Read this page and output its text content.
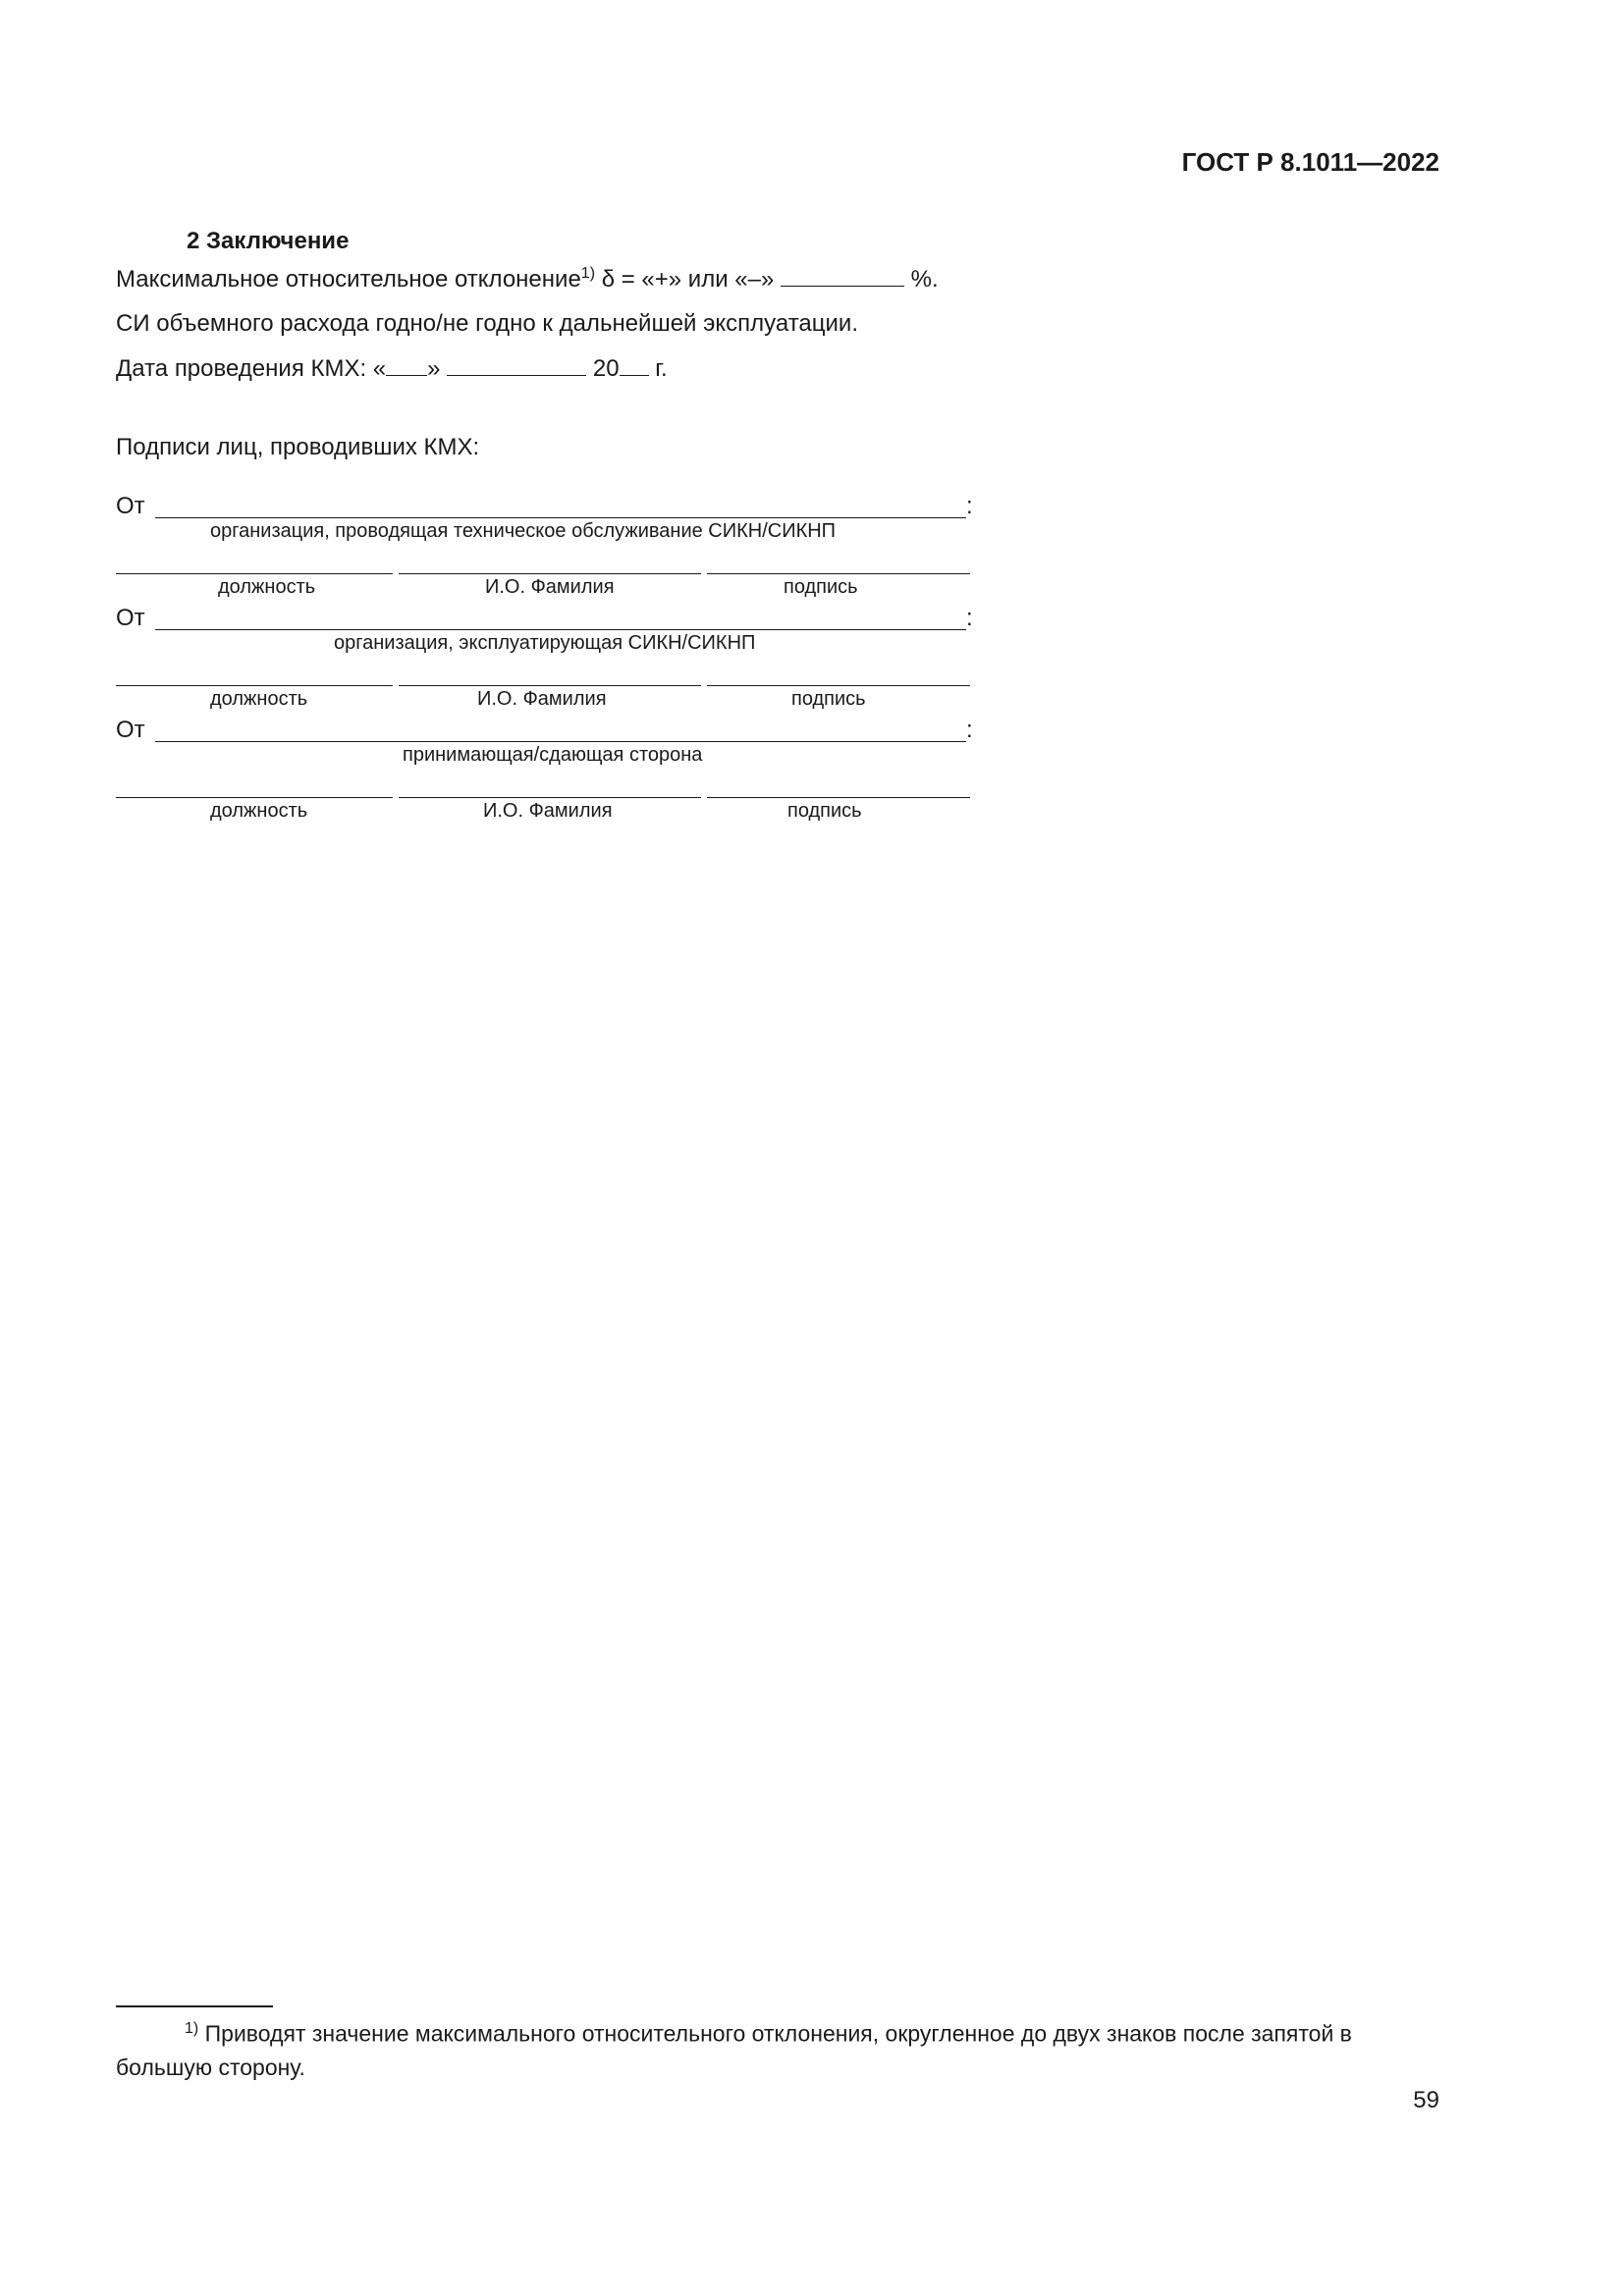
ГОСТ Р 8.1011—2022
2 Заключение
Максимальное относительное отклонение$^{1)}$ δ = «+» или «–»	%.
СИ объемного расхода годно/не годно к дальнейшей эксплуатации.
Дата проведения КМХ: « »	20 г.
Подписи лиц, проводивших КМХ:
От	:
организация, проводящая техническое обслуживание СИКН/СИКНП
должность	И.О. Фамилия	подпись
От	:
организация, эксплуатирующая СИКН/СИКНП
должность	И.О. Фамилия	подпись
От	:
принимающая/сдающая сторона
должность	И.О. Фамилия	подпись
$^{1)}$ Приводят значение максимального относительного отклонения, округленное до двух знаков после запятой в большую сторону.
59
